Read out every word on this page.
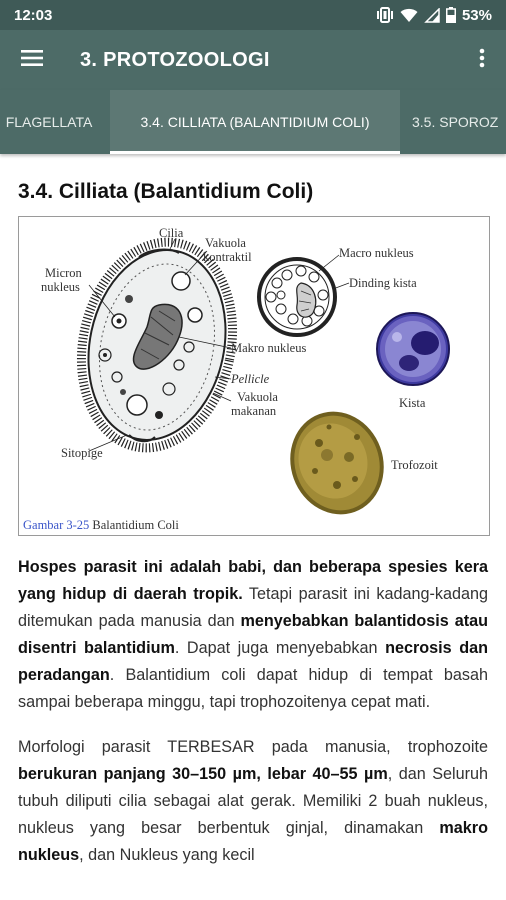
12:03	53%
3. PROTOZOOLOGI
FLAGELLATA	3.4. CILLIATA (BALANTIDIUM COLI)	3.5. SPOROZ
3.4. Cilliata (Balantidium Coli)
Cilia
Vakuola
kontraktil
Micron
nukleus
Makro nukleus
Pellicle
Vakuola
makanan
Sitopige
Macro nukleus
Dinding kista
Kista
Trofozoit
Gambar 3-25 Balantidium Coli

Hospes parasit ini adalah babi, dan beberapa spesies kera yang hidup di daerah tropik. Tetapi parasit ini kadang-kadang ditemukan pada manusia dan menyebabkan balantidosis atau disentri balantidium. Dapat juga menyebabkan necrosis dan peradangan. Balantidium coli dapat hidup di tempat basah sampai beberapa minggu, tapi trophozoitenya cepat mati.

Morfologi parasit TERBESAR pada manusia, trophozoite berukuran panjang 30–150 µm, lebar 40–55 µm, dan Seluruh tubuh diliputi cilia sebagai alat gerak. Memiliki 2 buah nukleus, nukleus yang besar berbentuk ginjal, dinamakan makro nukleus, dan Nukleus yang kecil
